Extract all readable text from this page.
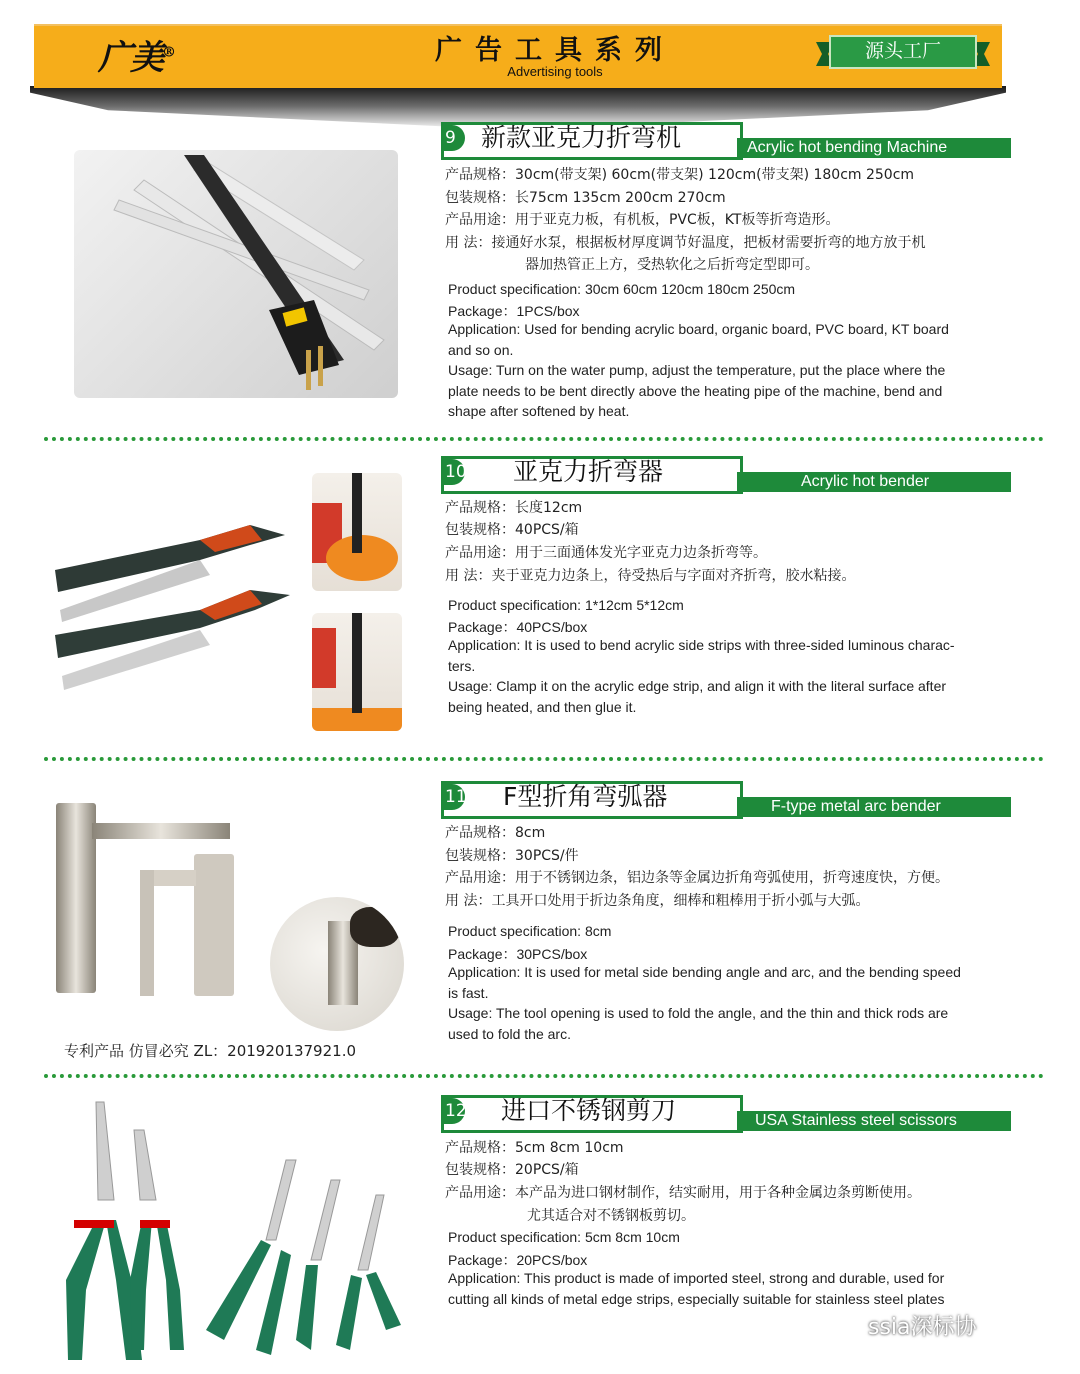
广美®	广告工具系列
Advertising tools
源头工厂
9	新款亚克力折弯机	Acrylic hot bending Machine
产品规格：30cm(带支架) 60cm(带支架) 120cm(带支架) 180cm 250cm
包装规格：长75cm 135cm 200cm 270cm
产品用途：用于亚克力板，有机板，PVC板，KT板等折弯造形。
用 法：接通好水泵，根据板材厚度调节好温度，把板材需要折弯的地方放于机
器加热管正上方，受热软化之后折弯定型即可。
Product specification: 30cm 60cm 120cm 180cm 250cm
Package：1PCS/box
Application: Used for bending acrylic board, organic board, PVC board, KT board
and so on.
Usage: Turn on the water pump, adjust the temperature, put the place where the
plate needs to be bent directly above the heating pipe of the machine, bend and
shape after softened by heat.
10 亚克力折弯器	Acrylic hot bender
产品规格：长度12cm
包装规格：40PCS/箱
产品用途：用于三面通体发光字亚克力边条折弯等。
用 法：夹于亚克力边条上，待受热后与字面对齐折弯，胶水粘接。
Product specification: 1*12cm 5*12cm
Package：40PCS/box
Application: It is used to bend acrylic side strips with three-sided luminous charac-
ters.
Usage: Clamp it on the acrylic edge strip, and align it with the literal surface after
being heated, and then glue it.
专利产品 仿冒必究 ZL：201920137921.0
11 F型折角弯弧器	F-type metal arc bender
产品规格：8cm
包装规格：30PCS/件
产品用途：用于不锈钢边条，铝边条等金属边折角弯弧使用，折弯速度快，方便。
用 法：工具开口处用于折边条角度，细棒和粗棒用于折小弧与大弧。
Product specification: 8cm
Package：30PCS/box
Application: It is used for metal side bending angle and arc, and the bending speed
is fast.
Usage: The tool opening is used to fold the angle, and the thin and thick rods are
used to fold the arc.
12 进口不锈钢剪刀	USA Stainless steel scissors
产品规格：5cm 8cm 10cm
包装规格：20PCS/箱
产品用途：本产品为进口钢材制作，结实耐用，用于各种金属边条剪断使用。
尤其适合对不锈钢板剪切。
Product specification: 5cm 8cm 10cm
Package：20PCS/box
Application: This product is made of imported steel, strong and durable, used for
cutting all kinds of metal edge strips, especially suitable for stainless steel plates
ssia深标协
